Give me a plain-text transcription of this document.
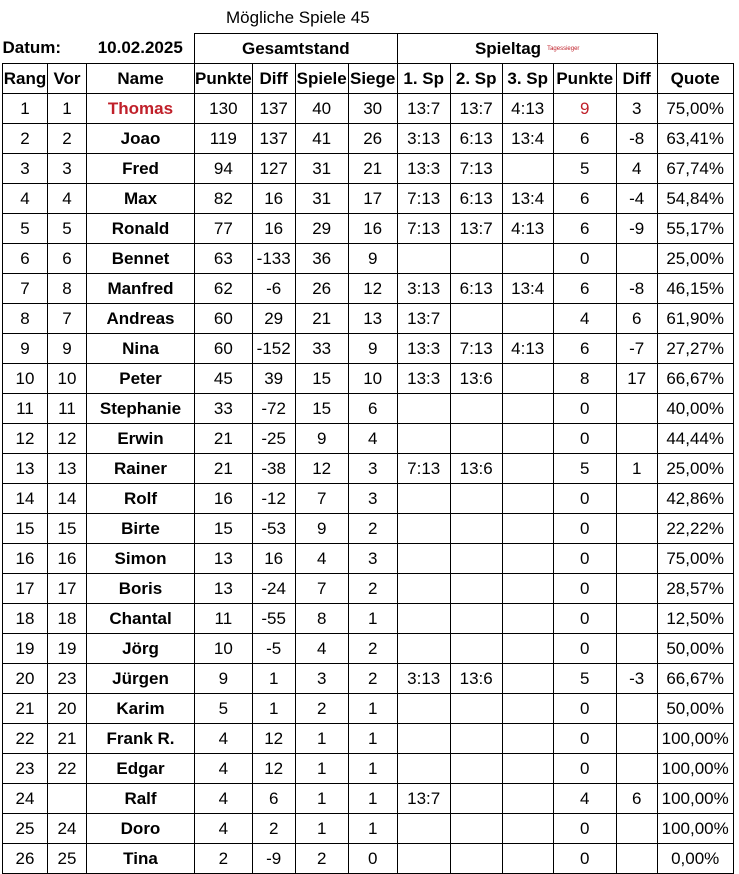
Mögliche Spiele 45
Datum:		10.02.2025	Gesamtstand				Spieltag Tagessieger					
Rang	Vor	Name	Punkte	Diff	Spiele	Siege	1. Sp	2. Sp	3. Sp	Punkte	Diff	Quote
1	1	Thomas	130	137	40	30	13:7	13:7	4:13	9	3	75,00%
2	2	Joao	119	137	41	26	3:13	6:13	13:4	6	-8	63,41%
3	3	Fred	94	127	31	21	13:3	7:13		5	4	67,74%
4	4	Max	82	16	31	17	7:13	6:13	13:4	6	-4	54,84%
5	5	Ronald	77	16	29	16	7:13	13:7	4:13	6	-9	55,17%
6	6	Bennet	63	-133	36	9				0		25,00%
7	8	Manfred	62	-6	26	12	3:13	6:13	13:4	6	-8	46,15%
8	7	Andreas	60	29	21	13	13:7			4	6	61,90%
9	9	Nina	60	-152	33	9	13:3	7:13	4:13	6	-7	27,27%
10	10	Peter	45	39	15	10	13:3	13:6		8	17	66,67%
11	11	Stephanie	33	-72	15	6				0		40,00%
12	12	Erwin	21	-25	9	4				0		44,44%
13	13	Rainer	21	-38	12	3	7:13	13:6		5	1	25,00%
14	14	Rolf	16	-12	7	3				0		42,86%
15	15	Birte	15	-53	9	2				0		22,22%
16	16	Simon	13	16	4	3				0		75,00%
17	17	Boris	13	-24	7	2				0		28,57%
18	18	Chantal	11	-55	8	1				0		12,50%
19	19	Jörg	10	-5	4	2				0		50,00%
20	23	Jürgen	9	1	3	2	3:13	13:6		5	-3	66,67%
21	20	Karim	5	1	2	1				0		50,00%
22	21	Frank R.	4	12	1	1				0		100,00%
23	22	Edgar	4	12	1	1				0		100,00%
24		Ralf	4	6	1	1	13:7			4	6	100,00%
25	24	Doro	4	2	1	1				0		100,00%
26	25	Tina	2	-9	2	0				0		0,00%
